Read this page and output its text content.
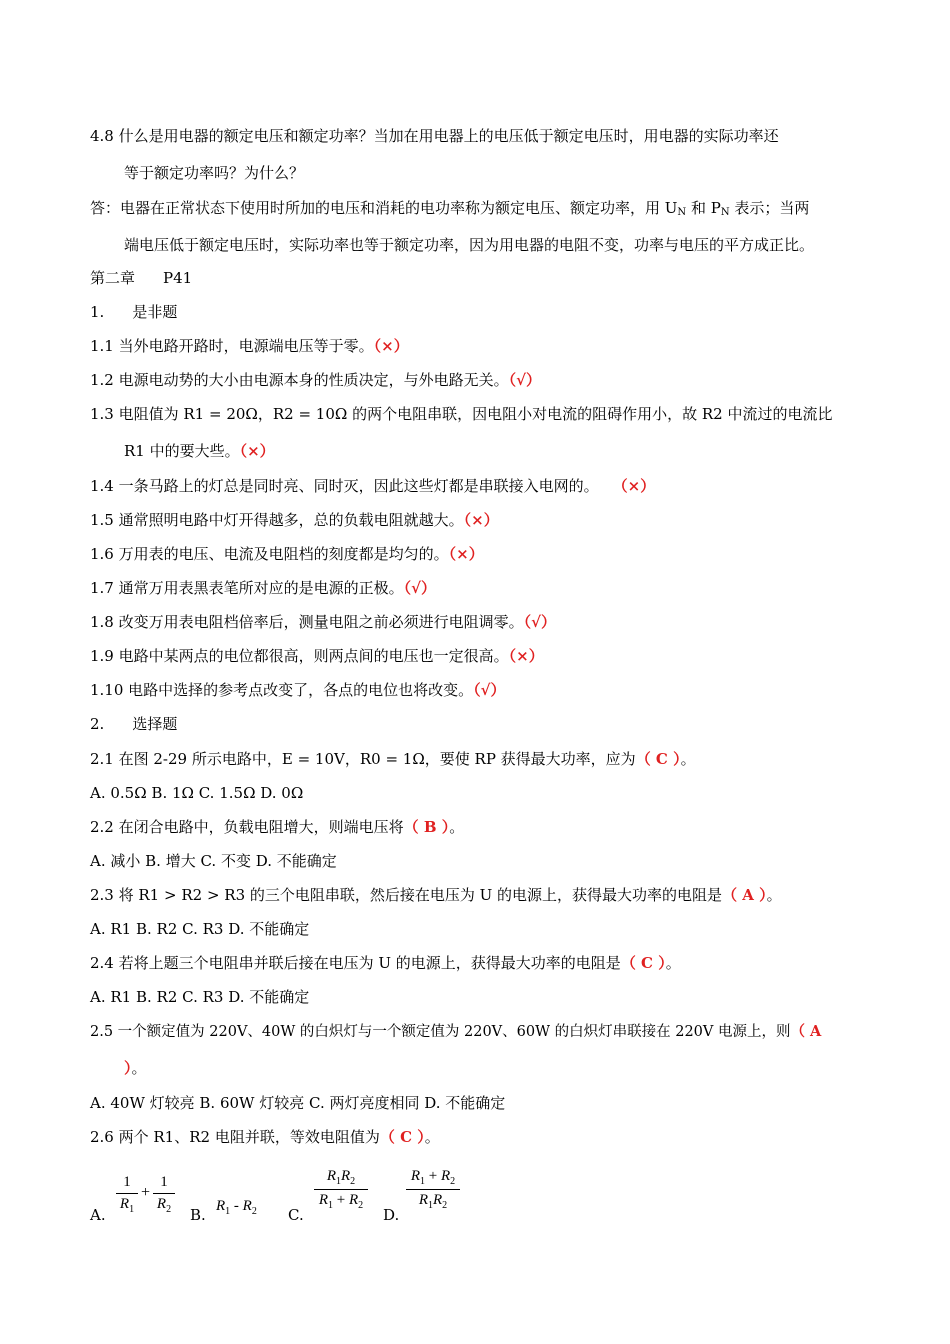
4.8 什么是用电器的额定电压和额定功率？当加在用电器上的电压低于额定电压时，用电器的实际功率还
等于额定功率吗？为什么？
答：电器在正常状态下使用时所加的电压和消耗的电功率称为额定电压、额定功率，用 $U_N$ 和 $P_N$ 表示；当两
端电压低于额定电压时，实际功率也等于额定功率，因为用电器的电阻不变，功率与电压的平方成正比。
第二章 P41
1. 是非题
1.1 当外电路开路时，电源端电压等于零。（×）
1.2 电源电动势的大小由电源本身的性质决定，与外电路无关。（√）
1.3 电阻值为 R1 = 20Ω，R2 = 10Ω 的两个电阻串联，因电阻小对电流的阻碍作用小，故 R2 中流过的电流比
R1 中的要大些。（×）
1.4 一条马路上的灯总是同时亮、同时灭，因此这些灯都是串联接入电网的。 （×）
1.5 通常照明电路中灯开得越多，总的负载电阻就越大。（×）
1.6 万用表的电压、电流及电阻档的刻度都是均匀的。（×）
1.7 通常万用表黑表笔所对应的是电源的正极。（√）
1.8 改变万用表电阻档倍率后，测量电阻之前必须进行电阻调零。（√）
1.9 电路中某两点的电位都很高，则两点间的电压也一定很高。（×）
1.10 电路中选择的参考点改变了，各点的电位也将改变。（√）
2. 选择题
2.1 在图 2-29 所示电路中，E = 10V，R0 = 1Ω，要使 RP 获得最大功率，应为（ C ）。
A. 0.5Ω B. 1Ω C. 1.5Ω D. 0Ω
2.2 在闭合电路中，负载电阻增大，则端电压将（ B ）。
A. 减小 B. 增大 C. 不变 D. 不能确定
2.3 将 R1 > R2 > R3 的三个电阻串联，然后接在电压为 U 的电源上，获得最大功率的电阻是（ A ）。
A. R1 B. R2 C. R3 D. 不能确定
2.4 若将上题三个电阻串并联后接在电压为 U 的电源上，获得最大功率的电阻是（ C ）。
A. R1 B. R2 C. R3 D. 不能确定
2.5 一个额定值为 220V、40W 的白炽灯与一个额定值为 220V、60W 的白炽灯串联接在 220V 电源上，则（ A
）。
A. 40W 灯较亮 B. 60W 灯较亮 C. 两灯亮度相同 D. 不能确定
2.6 两个 R1、R2 电阻并联，等效电阻值为（ C ）。
A.
1
$R_1$
+
1
$R_2$ B. $R_1 - R_2$	C.
$R_1R_2$
$R_1 + R_2$
D.
$R_1 + R_2$
$R_1R_2$
